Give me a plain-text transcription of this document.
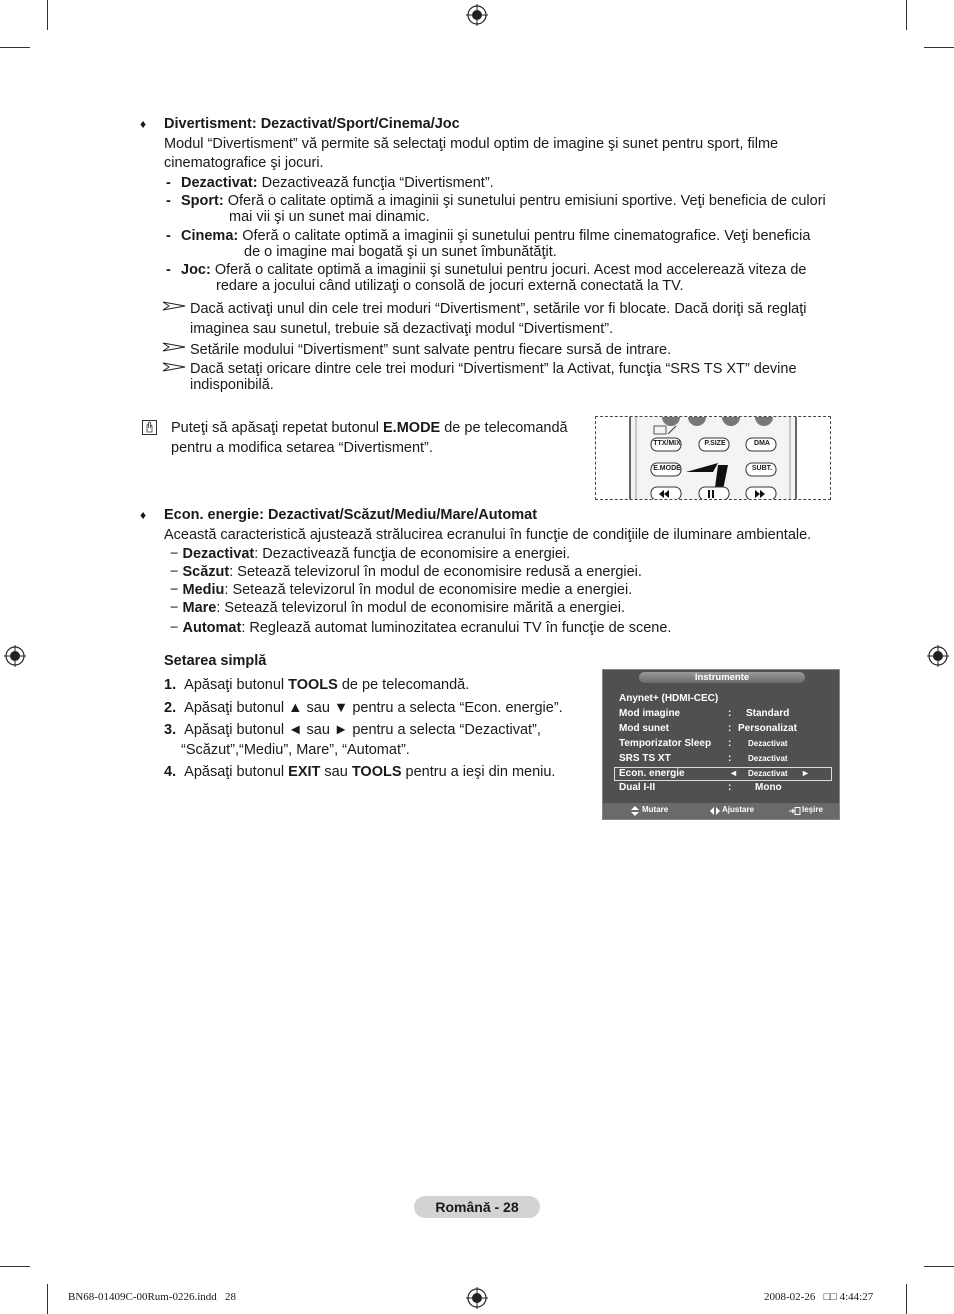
♦ Divertisment: Dezactivat/Sport/Cinema/Joc
Modul “Divertisment” vă permite să selectaţi modul optim de imagine şi sunet pentru sport, filme
cinematografice şi jocuri.
- Dezactivat: Dezactivează funcţia “Divertisment”.
- Sport: Oferă o calitate optimă a imaginii şi sunetului pentru emisiuni sportive. Veţi beneficia de culori
mai vii şi un sunet mai dinamic.
- Cinema: Oferă o calitate optimă a imaginii şi sunetului pentru filme cinematografice. Veţi beneficia
de o imagine mai bogată şi un sunet îmbunătăţit.
- Joc: Oferă o calitate optimă a imaginii şi sunetului pentru jocuri. Acest mod accelerează viteza de
redare a jocului când utilizaţi o consolă de jocuri externă conectată la TV.
Dacă activaţi unul din cele trei moduri “Divertisment”, setările vor fi blocate. Dacă doriţi să reglaţi
imaginea sau sunetul, trebuie să dezactivaţi modul “Divertisment”.
Setările modului “Divertisment” sunt salvate pentru fiecare sursă de intrare.
Dacă setaţi oricare dintre cele trei moduri “Divertisment” la Activat, funcţia “SRS TS XT” devine
indisponibilă.
Puteţi să apăsaţi repetat butonul E.MODE de pe telecomandă
pentru a modifica setarea “Divertisment”.	TTX/MIX	P.SIZE	DMA
E.MODE	SUBT.
♦ Econ. energie: Dezactivat/Scăzut/Mediu/Mare/Automat
Această caracteristică ajustează strălucirea ecranului în funcţie de condiţiile de iluminare ambientale.
− Dezactivat: Dezactivează funcţia de economisire a energiei.
− Scăzut: Setează televizorul în modul de economisire redusă a energiei.
− Mediu: Setează televizorul în modul de economisire medie a energiei.
− Mare: Setează televizorul în modul de economisire mărită a energiei.
− Automat: Reglează automat luminozitatea ecranului TV în funcţie de scene.
Setarea simplă
1. Apăsaţi butonul TOOLS de pe telecomandă.
2. Apăsaţi butonul ▲ sau ▼ pentru a selecta “Econ. energie”.
3. Apăsaţi butonul ◄ sau ► pentru a selecta “Dezactivat”,
“Scăzut”,“Mediu”, Mare”, “Automat”.
4. Apăsaţi butonul EXIT sau TOOLS pentru a ieşi din meniu.
Instrumente
Anynet+ (HDMI-CEC)
Mod imagine	: Standard
Mod sunet	: Personalizat
Temporizator Sleep : Dezactivat
SRS TS XT	: Dezactivat
Econ. energie	◄ Dezactivat ►
Dual I-II	: Mono
Mutare	Ajustare	Ieşire
Română - 28
BN68-01409C-00Rum-0226.indd   28	2008-02-26   □□ 4:44:27
